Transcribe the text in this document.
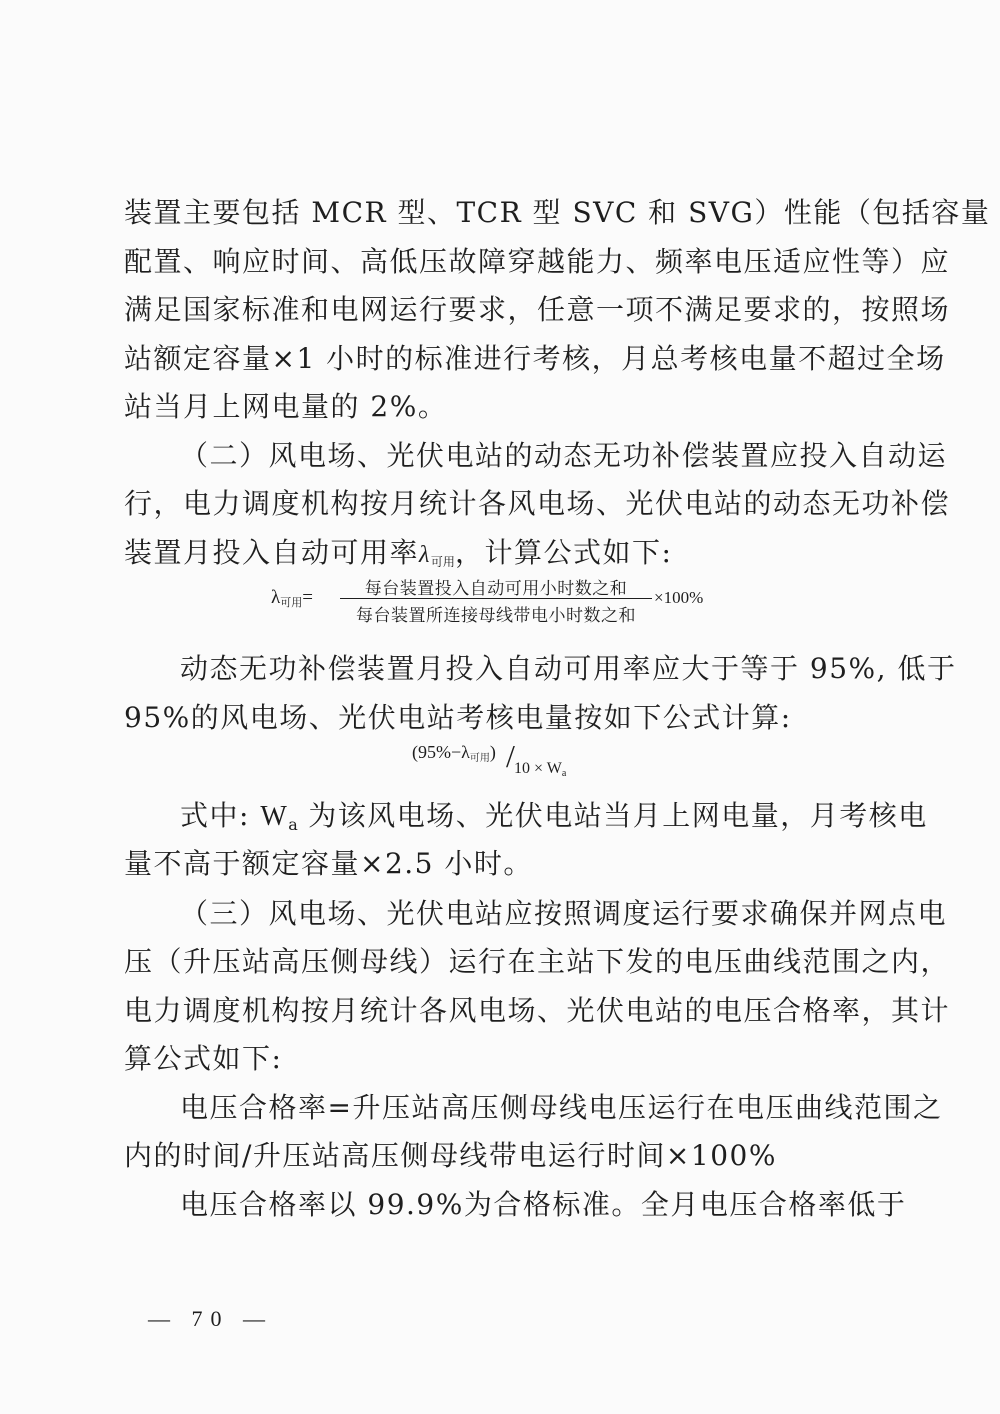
装置主要包括 MCR 型、TCR 型 SVC 和 SVG）性能（包括容量
配置、响应时间、高低压故障穿越能力、频率电压适应性等）应
满足国家标准和电网运行要求，任意一项不满足要求的，按照场
站额定容量×1 小时的标准进行考核，月总考核电量不超过全场
站当月上网电量的 2%。
（二）风电场、光伏电站的动态无功补偿装置应投入自动运
行，电力调度机构按月统计各风电场、光伏电站的动态无功补偿
装置月投入自动可用率$\lambda_{可用}$，计算公式如下:
λ可用=	每台装置投入自动可用小时数之和
每台装置所连接母线带电小时数之和
×100%
动态无功补偿装置月投入自动可用率应大于等于 95%, 低于
95%的风电场、光伏电站考核电量按如下公式计算:
(95%−λ可用) / 10 × Wa
式中: $W_a$ 为该风电场、光伏电站当月上网电量，月考核电
量不高于额定容量×2.5 小时。
（三）风电场、光伏电站应按照调度运行要求确保并网点电
压（升压站高压侧母线）运行在主站下发的电压曲线范围之内，
电力调度机构按月统计各风电场、光伏电站的电压合格率，其计
算公式如下:
电压合格率=升压站高压侧母线电压运行在电压曲线范围之
内的时间/升压站高压侧母线带电运行时间×100%
电压合格率以 99.9%为合格标准。全月电压合格率低于
— 70 —
